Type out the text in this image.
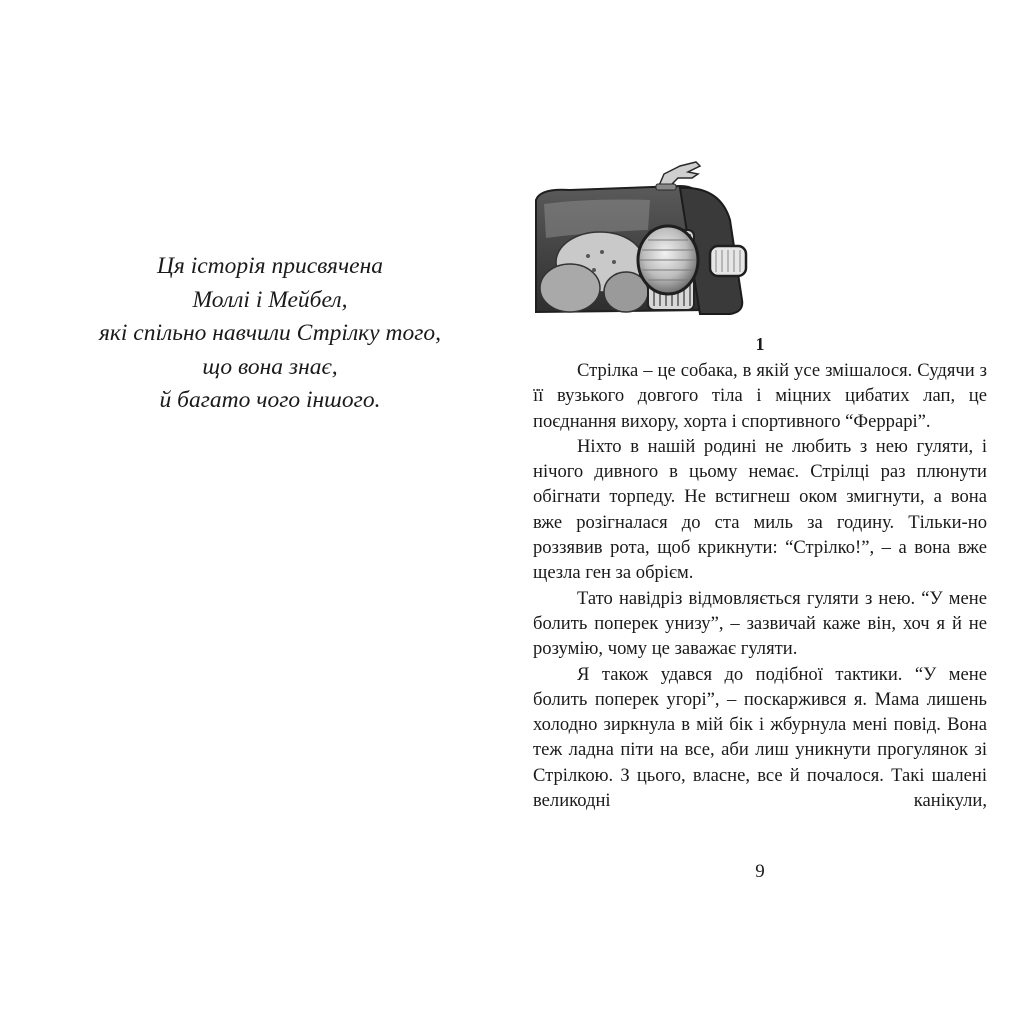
Ця історія присвячена
Моллі і Мейбел,
які спільно навчили Стрілку того,
що вона знає,
й багато чого іншого.
1

Стрілка – це собака, в якій усе змішалося. Судячи з її вузького довгого тіла і міцних цибатих лап, це поєднання вихору, хорта і спортивного “Феррарі”.

Ніхто в нашій родині не любить з нею гуляти, і нічого дивного в цьому немає. Стрілці раз плюнути обігнати торпеду. Не встигнеш оком змигнути, а вона вже розігналася до ста миль за годину. Тільки-но роззявив рота, щоб крикнути: “Стрілко!”, – а вона вже щезла ген за обрієм.

Тато навідріз відмовляється гуляти з нею. “У мене болить поперек унизу”, – зазвичай каже він, хоч я й не розумію, чому це заважає гуляти.

Я також удався до подібної тактики. “У мене болить поперек угорі”, – поскаржився я. Мама лишень холодно зиркнула в мій бік і жбурнула мені повід. Вона теж ладна піти на все, аби лиш уникнути прогулянок зі Стрілкою. З цього, власне, все й почалося. Такі шалені великодні канікули,

9
